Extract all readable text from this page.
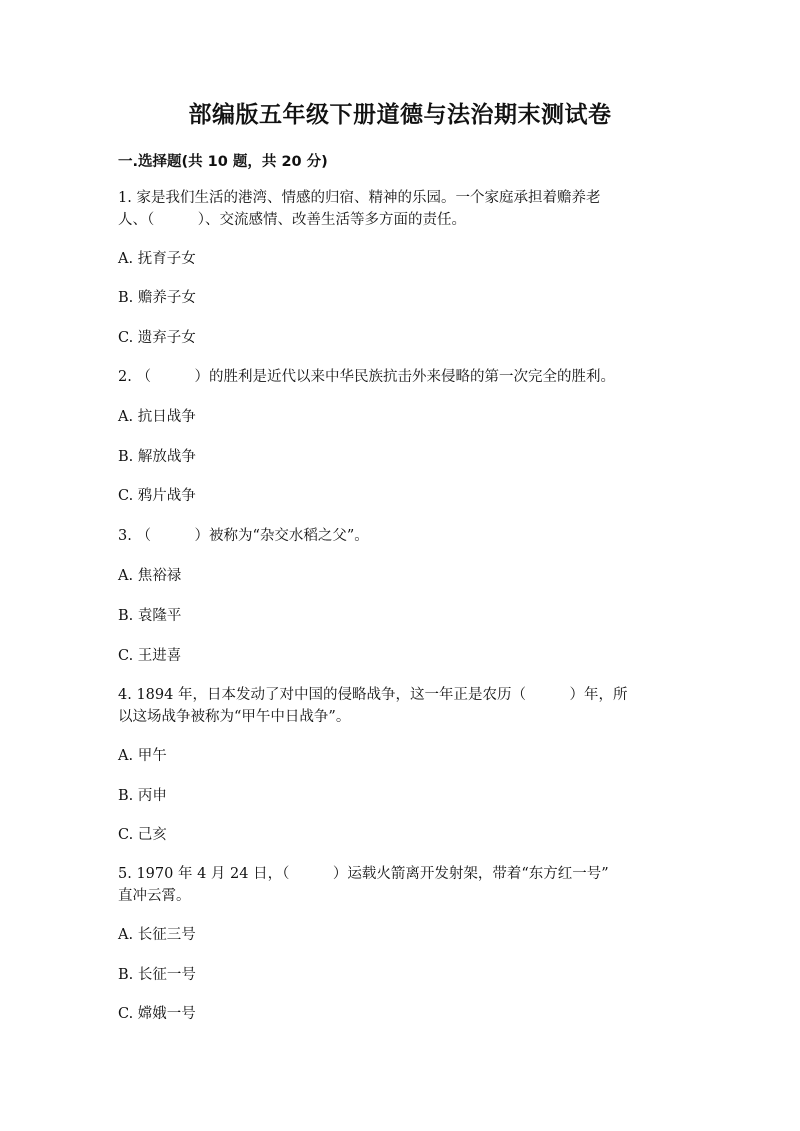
部编版五年级下册道德与法治期末测试卷
一.选择题(共 10 题，共 20 分)
1. 家是我们生活的港湾、情感的归宿、精神的乐园。一个家庭承担着赡养老
人、（　　　）、交流感情、改善生活等多方面的责任。
A. 抚育子女
B. 赡养子女
C. 遗弃子女
2. （　　　）的胜利是近代以来中华民族抗击外来侵略的第一次完全的胜利。
A. 抗日战争
B. 解放战争
C. 鸦片战争
3. （　　　）被称为“杂交水稻之父”。
A. 焦裕禄
B. 袁隆平
C. 王进喜
4. 1894 年，日本发动了对中国的侵略战争，这一年正是农历（　　　）年，所
以这场战争被称为“甲午中日战争”。
A. 甲午
B. 丙申
C. 己亥
5. 1970 年 4 月 24 日，（　　　）运载火箭离开发射架，带着“东方红一号”
直冲云霄。
A. 长征三号
B. 长征一号
C. 嫦娥一号
